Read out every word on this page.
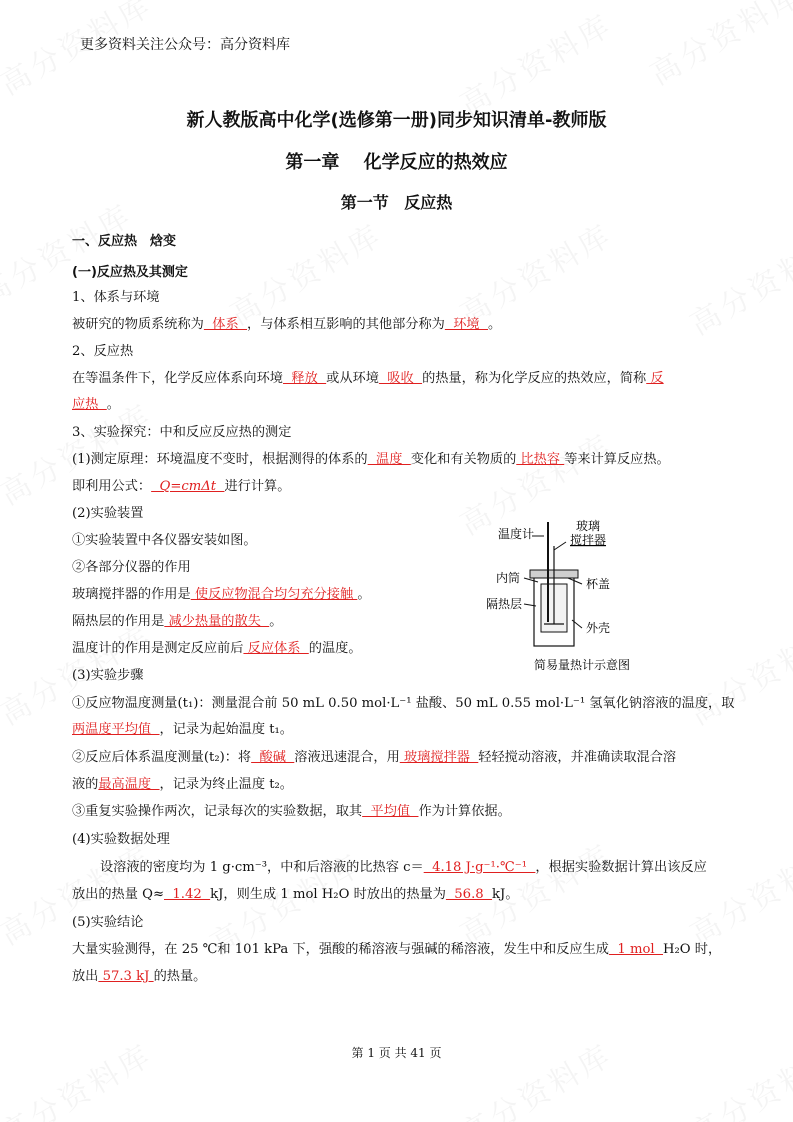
更多资料关注公众号：高分资料库
新人教版高中化学(选修第一册)同步知识清单-教师版
第一章 化学反应的热效应
第一节 反应热
一、反应热　焓变
(一)反应热及其测定
1、体系与环境
被研究的物质系统称为  体系  ，与体系相互影响的其他部分称为  环境  。
2、反应热
在等温条件下，化学反应体系向环境  释放  或从环境  吸收  的热量，称为化学反应的热效应，简称 反
应热  。
3、实验探究：中和反应反应热的测定
(1)测定原理：环境温度不变时，根据测得的体系的  温度  变化和有关物质的 比热容 等来计算反应热。
即利用公式：  Q=cmΔt  进行计算。
(2)实验装置
①实验装置中各仪器安装如图。
②各部分仪器的作用
玻璃搅拌器的作用是 使反应物混合均匀充分接触 。
隔热层的作用是 减少热量的散失  。
温度计的作用是测定反应前后 反应体系  的温度。
温度计
玻璃
搅拌器
内筒	杯盖
隔热层
外壳
简易量热计示意图
(3)实验步骤
①反应物温度测量(t₁)：测量混合前 50 mL 0.50 mol·L⁻¹ 盐酸、50 mL 0.55 mol·L⁻¹ 氢氧化钠溶液的温度，取
两温度平均值  ，记录为起始温度 t₁。
②反应后体系温度测量(t₂)：将  酸碱  溶液迅速混合，用 玻璃搅拌器  轻轻搅动溶液，并准确读取混合溶
液的最高温度  ，记录为终止温度 t₂。
③重复实验操作两次，记录每次的实验数据，取其  平均值  作为计算依据。
(4)实验数据处理
设溶液的密度均为 1 g·cm⁻³，中和后溶液的比热容 c＝  4.18 J·g⁻¹·℃⁻¹  ，根据实验数据计算出该反应
放出的热量 Q≈  1.42  kJ，则生成 1 mol H₂O 时放出的热量为  56.8  kJ。
(5)实验结论
大量实验测得，在 25 ℃和 101 kPa 下，强酸的稀溶液与强碱的稀溶液，发生中和反应生成  1 mol  H₂O 时，
放出 57.3 kJ 的热量。
第 1 页 共 41 页
